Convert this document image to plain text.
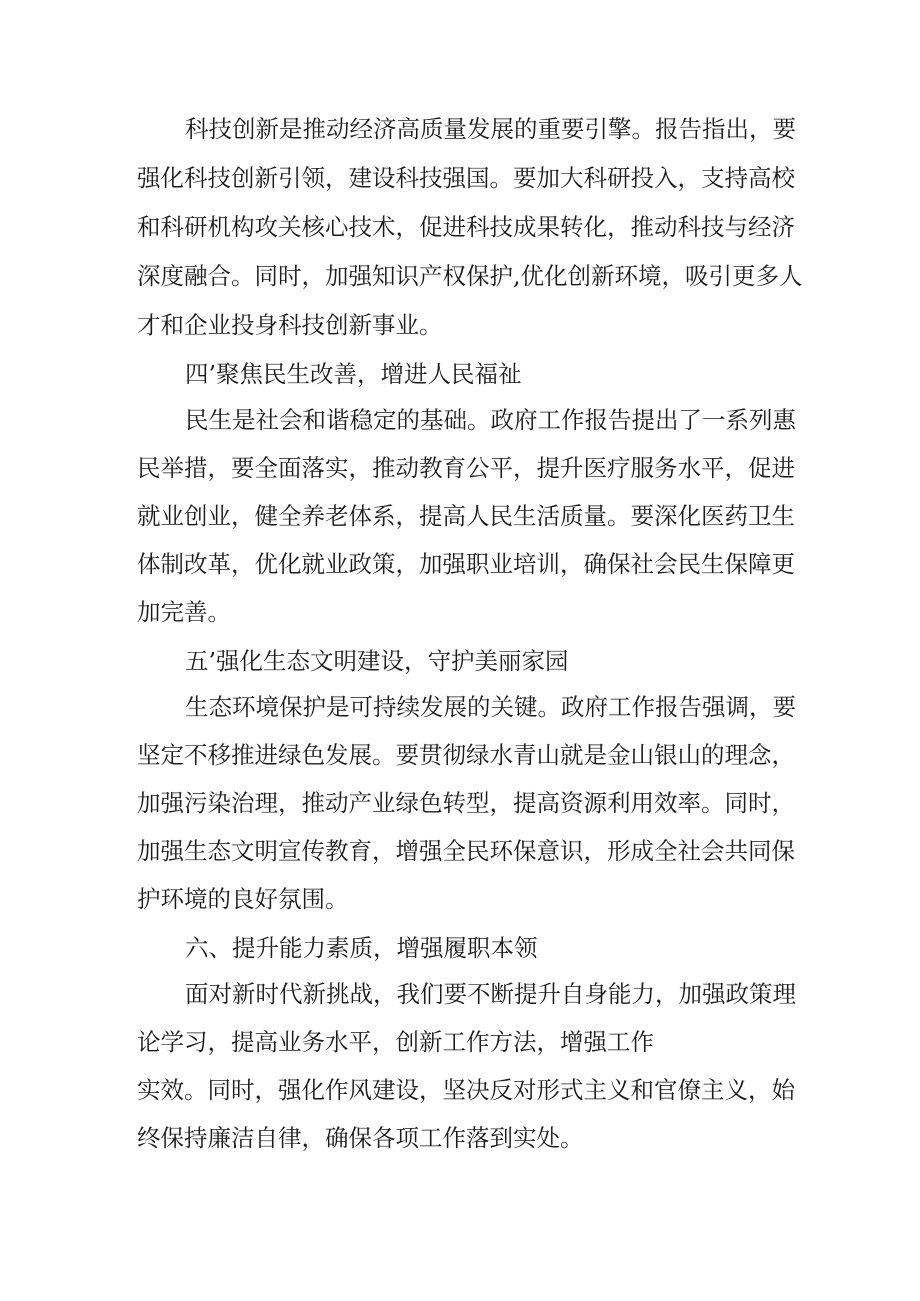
科技创新是推动经济高质量发展的重要引擎。报告指出，要

强化科技创新引领，建设科技强国。要加大科研投入，支持高校

和科研机构攻关核心技术，促进科技成果转化，推动科技与经济

深度融合。同时，加强知识产权保护,优化创新环境，吸引更多人

才和企业投身科技创新事业。

四’聚焦民生改善，增进人民福祉

民生是社会和谐稳定的基础。政府工作报告提出了一系列惠

民举措，要全面落实，推动教育公平，提升医疗服务水平，促进

就业创业，健全养老体系，提高人民生活质量。要深化医药卫生

体制改革，优化就业政策，加强职业培训，确保社会民生保障更

加完善。

五’强化生态文明建设，守护美丽家园

生态环境保护是可持续发展的关键。政府工作报告强调，要

坚定不移推进绿色发展。要贯彻绿水青山就是金山银山的理念，

加强污染治理，推动产业绿色转型，提高资源利用效率。同时，

加强生态文明宣传教育，增强全民环保意识，形成全社会共同保

护环境的良好氛围。

六、提升能力素质，增强履职本领

面对新时代新挑战，我们要不断提升自身能力，加强政策理

论学习，提高业务水平，创新工作方法，增强工作

实效。同时，强化作风建设，坚决反对形式主义和官僚主义，始

终保持廉洁自律，确保各项工作落到实处。
